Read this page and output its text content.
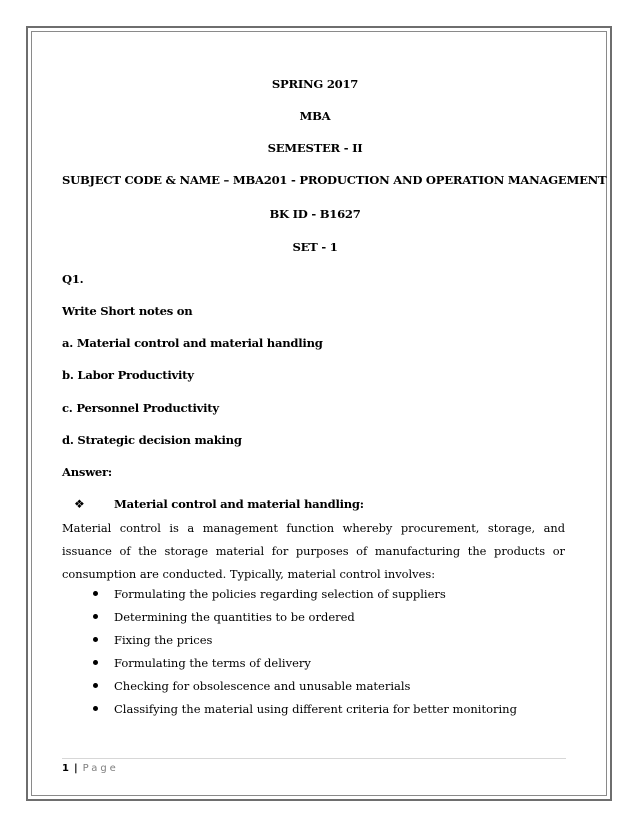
SPRING 2017
MBA
SEMESTER - II
SUBJECT CODE & NAME – MBA201 - PRODUCTION AND OPERATION MANAGEMENT
BK ID - B1627
SET - 1
Q1.
Write Short notes on
a. Material control and material handling
b. Labor Productivity
c. Personnel Productivity
d. Strategic decision making
Answer:
❖	Material control and material handling:
Material control is a management function whereby procurement, storage, and issuance of the storage material for purposes of manufacturing the products or consumption are conducted. Typically, material control involves:
Formulating the policies regarding selection of suppliers
Determining the quantities to be ordered
Fixing the prices
Formulating the terms of delivery
Checking for obsolescence and unusable materials
Classifying the material using different criteria for better monitoring
1 | Page
